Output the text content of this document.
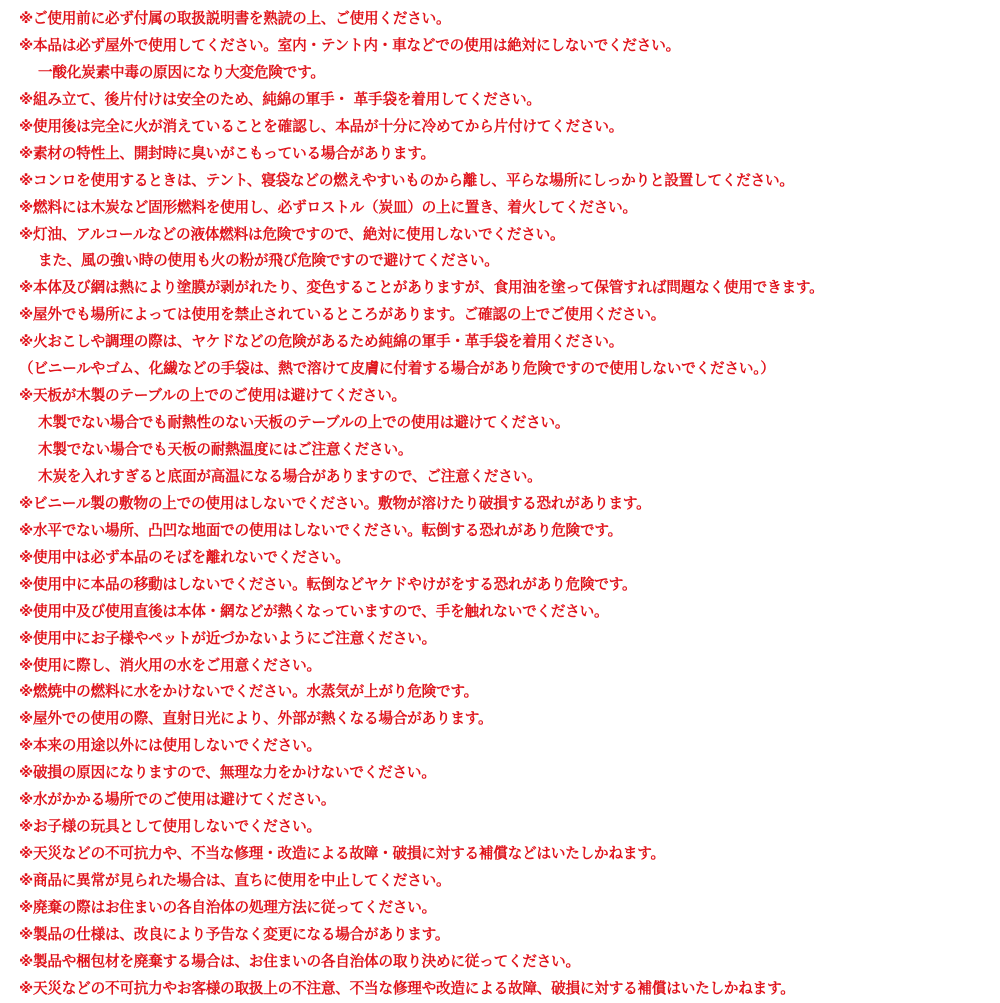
※ご使用前に必ず付属の取扱説明書を熟読の上、ご使用ください。
※本品は必ず屋外で使用してください。室内・テント内・車などでの使用は絶対にしないでください。
一酸化炭素中毒の原因になり大変危険です。
※組み立て、後片付けは安全のため、純綿の軍手・ 革手袋を着用してください。
※使用後は完全に火が消えていることを確認し、本品が十分に冷めてから片付けてください。
※素材の特性上、開封時に臭いがこもっている場合があります。
※コンロを使用するときは、テント、寝袋などの燃えやすいものから離し、平らな場所にしっかりと設置してください。
※燃料には木炭など固形燃料を使用し、必ずロストル（炭皿）の上に置き、着火してください。
※灯油、アルコールなどの液体燃料は危険ですので、絶対に使用しないでください。
また、風の強い時の使用も火の粉が飛び危険ですので避けてください。
※本体及び網は熱により塗膜が剥がれたり、変色することがありますが、食用油を塗って保管すれば問題なく使用できます。
※屋外でも場所によっては使用を禁止されているところがあります。ご確認の上でご使用ください。
※火おこしや調理の際は、ヤケドなどの危険があるため純綿の軍手・革手袋を着用ください。
（ビニールやゴム、化繊などの手袋は、熱で溶けて皮膚に付着する場合があり危険ですので使用しないでください。）
※天板が木製のテーブルの上でのご使用は避けてください。
木製でない場合でも耐熱性のない天板のテーブルの上での使用は避けてください。
木製でない場合でも天板の耐熱温度にはご注意ください。
木炭を入れすぎると底面が高温になる場合がありますので、ご注意ください。
※ビニール製の敷物の上での使用はしないでください。敷物が溶けたり破損する恐れがあります。
※水平でない場所、凸凹な地面での使用はしないでください。転倒する恐れがあり危険です。
※使用中は必ず本品のそばを離れないでください。
※使用中に本品の移動はしないでください。転倒などヤケドやけがをする恐れがあり危険です。
※使用中及び使用直後は本体・網などが熱くなっていますので、手を触れないでください。
※使用中にお子様やペットが近づかないようにご注意ください。
※使用に際し、消火用の水をご用意ください。
※燃焼中の燃料に水をかけないでください。水蒸気が上がり危険です。
※屋外での使用の際、直射日光により、外部が熱くなる場合があります。
※本来の用途以外には使用しないでください。
※破損の原因になりますので、無理な力をかけないでください。
※水がかかる場所でのご使用は避けてください。
※お子様の玩具として使用しないでください。
※天災などの不可抗力や、不当な修理・改造による故障・破損に対する補償などはいたしかねます。
※商品に異常が見られた場合は、直ちに使用を中止してください。
※廃棄の際はお住まいの各自治体の処理方法に従ってください。
※製品の仕様は、改良により予告なく変更になる場合があります。
※製品や梱包材を廃棄する場合は、お住まいの各自治体の取り決めに従ってください。
※天災などの不可抗力やお客様の取扱上の不注意、不当な修理や改造による故障、破損に対する補償はいたしかねます。
